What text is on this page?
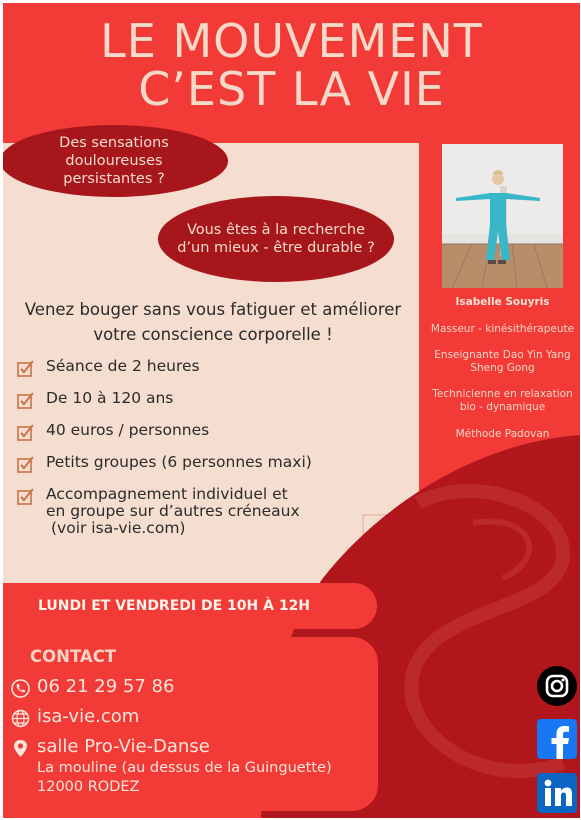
LE MOUVEMENT
C’EST LA VIE
Des sensations douloureuses persistantes ?
Vous êtes à la recherche d’un mieux - être durable ?
Venez bouger sans vous fatiguer et améliorer
votre conscience corporelle !
Séance de 2 heures
De 10 à 120 ans
40 euros / personnes
Petits groupes (6 personnes maxi)
Accompagnement individuel et
en groupe sur d’autres créneaux
(voir isa-vie.com)
Isabelle Souyris
Masseur - kinésithérapeute
Enseignante Dao Yin Yang
Sheng Gong
Technicienne en relaxation
bio - dynamique
Méthode Padovan
LUNDI ET VENDREDI DE 10H À 12H
CONTACT
06 21 29 57 86
isa-vie.com
salle Pro-Vie-Danse
La mouline (au dessus de la Guinguette)
12000 RODEZ
